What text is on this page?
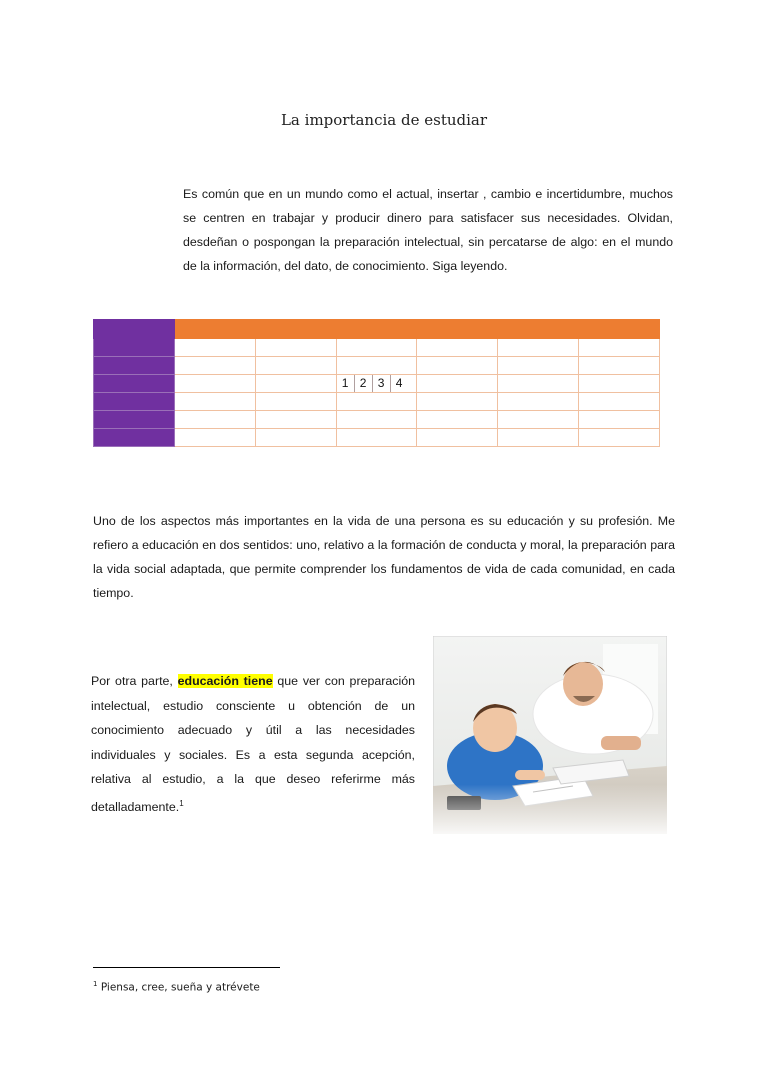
La importancia de estudiar

Es común que en un mundo como el actual, insertar , cambio e incertidumbre, muchos se centren en trabajar y producir dinero para satisfacer sus necesidades. Olvidan, desdeñan o pospongan la preparación intelectual, sin percatarse de algo: en el mundo de la información, del dato, de conocimiento. Siga leyendo.

			1 2 3 4			

Uno de los aspectos más importantes en la vida de una persona es su educación y su profesión. Me refiero a educación en dos sentidos: uno, relativo a la formación de conducta y moral, la preparación para la vida social adaptada, que permite comprender los fundamentos de vida de cada comunidad, en cada tiempo.

Por otra parte, educación tiene que ver con preparación intelectual, estudio consciente u obtención de un conocimiento adecuado y útil a las necesidades individuales y sociales. Es a esta segunda acepción, relativa al estudio, a la que deseo referirme más detalladamente.$^1$

$^1$ Piensa, cree, sueña y atrévete
